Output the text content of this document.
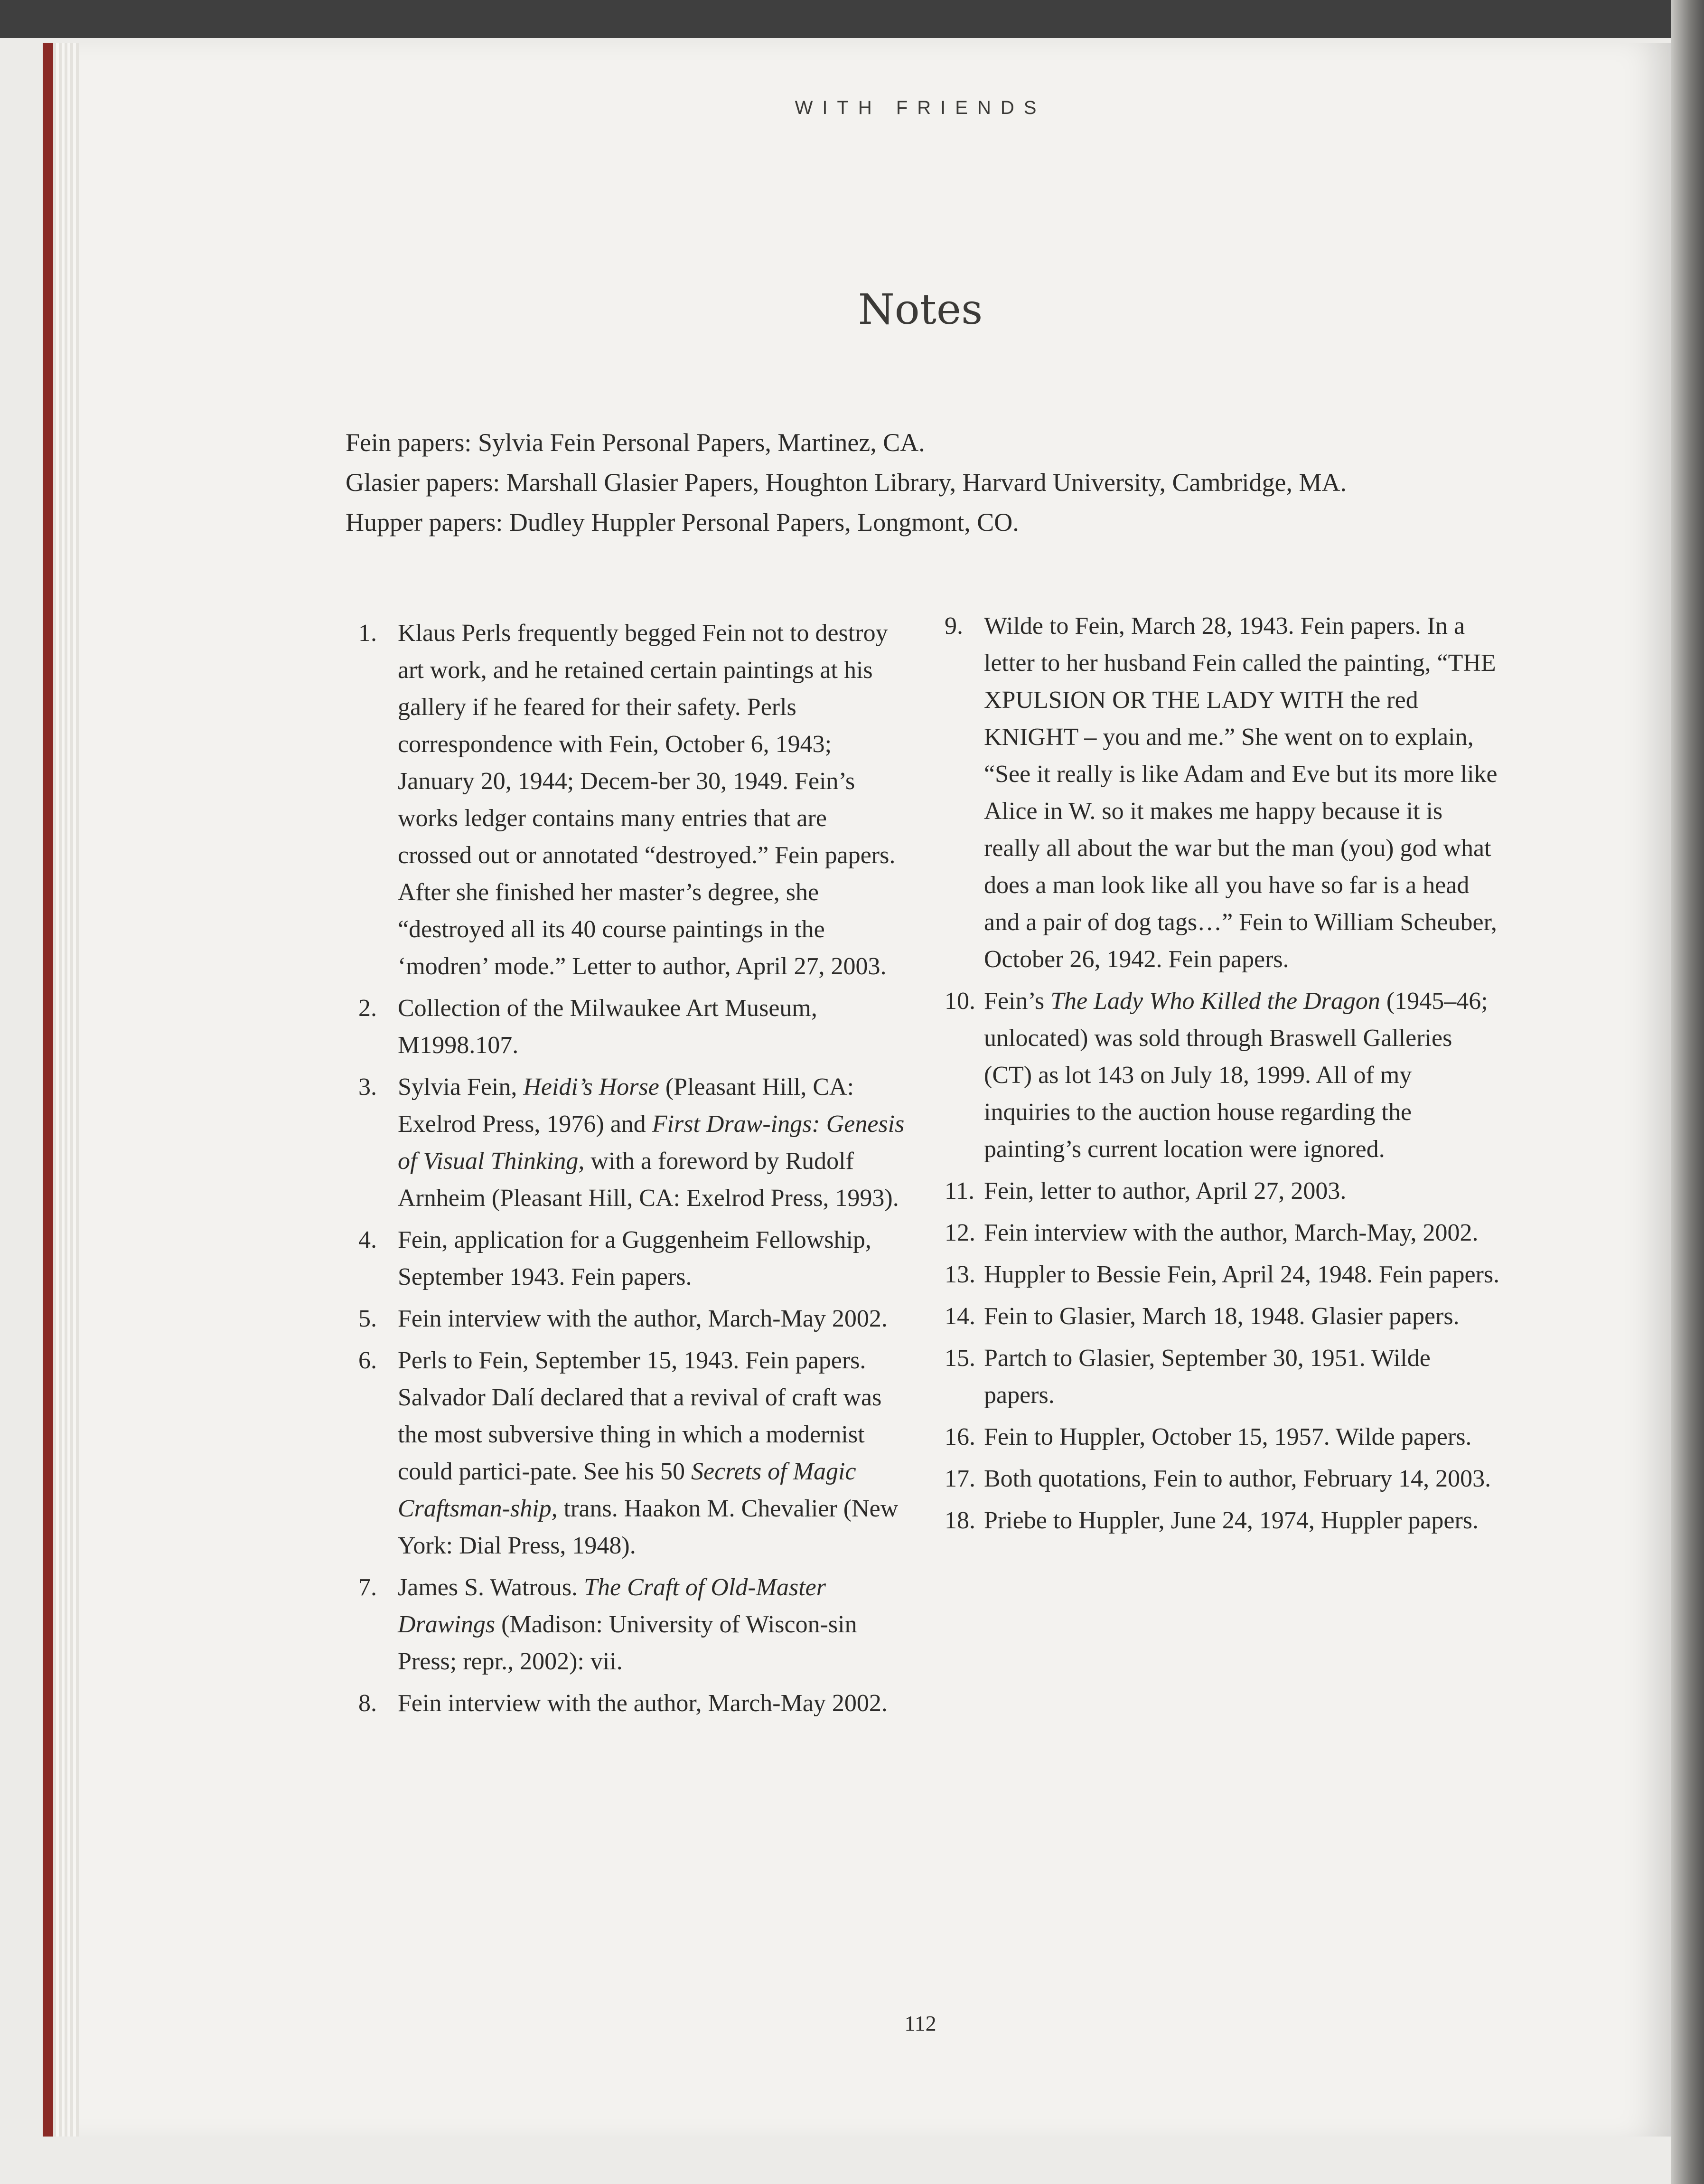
WITH FRIENDS
Notes
Fein papers: Sylvia Fein Personal Papers, Martinez, CA.
Glasier papers: Marshall Glasier Papers, Houghton Library, Harvard University, Cambridge, MA.
Hupper papers: Dudley Huppler Personal Papers, Longmont, CO.
1. Klaus Perls frequently begged Fein not to destroy art work, and he retained certain paintings at his gallery if he feared for their safety. Perls correspondence with Fein, October 6, 1943; January 20, 1944; Decem-ber 30, 1949. Fein’s works ledger contains many entries that are crossed out or annotated “destroyed.” Fein papers. After she finished her master’s degree, she “destroyed all its 40 course paintings in the ‘modren’ mode.” Letter to author, April 27, 2003.
2. Collection of the Milwaukee Art Museum, M1998.107.
3. Sylvia Fein, Heidi’s Horse (Pleasant Hill, CA: Exelrod Press, 1976) and First Draw-ings: Genesis of Visual Thinking, with a foreword by Rudolf Arnheim (Pleasant Hill, CA: Exelrod Press, 1993).
4. Fein, application for a Guggenheim Fellowship, September 1943. Fein papers.
5. Fein interview with the author, March-May 2002.
6. Perls to Fein, September 15, 1943. Fein papers. Salvador Dalí declared that a revival of craft was the most subversive thing in which a modernist could partici-pate. See his 50 Secrets of Magic Craftsman-ship, trans. Haakon M. Chevalier (New York: Dial Press, 1948).
7. James S. Watrous. The Craft of Old-Master Drawings (Madison: University of Wiscon-sin Press; repr., 2002): vii.
8. Fein interview with the author, March-May 2002.
9. Wilde to Fein, March 28, 1943. Fein papers. In a letter to her husband Fein called the painting, “THE XPULSION OR THE LADY WITH the red KNIGHT – you and me.” She went on to explain, “See it really is like Adam and Eve but its more like Alice in W. so it makes me happy because it is really all about the war but the man (you) god what does a man look like all you have so far is a head and a pair of dog tags…” Fein to William Scheuber, October 26, 1942. Fein papers.
10. Fein’s The Lady Who Killed the Dragon (1945–46; unlocated) was sold through Braswell Galleries (CT) as lot 143 on July 18, 1999. All of my inquiries to the auction house regarding the painting’s current location were ignored.
11. Fein, letter to author, April 27, 2003.
12. Fein interview with the author, March-May, 2002.
13. Huppler to Bessie Fein, April 24, 1948. Fein papers.
14. Fein to Glasier, March 18, 1948. Glasier papers.
15. Partch to Glasier, September 30, 1951. Wilde papers.
16. Fein to Huppler, October 15, 1957. Wilde papers.
17. Both quotations, Fein to author, February 14, 2003.
18. Priebe to Huppler, June 24, 1974, Huppler papers.
112
